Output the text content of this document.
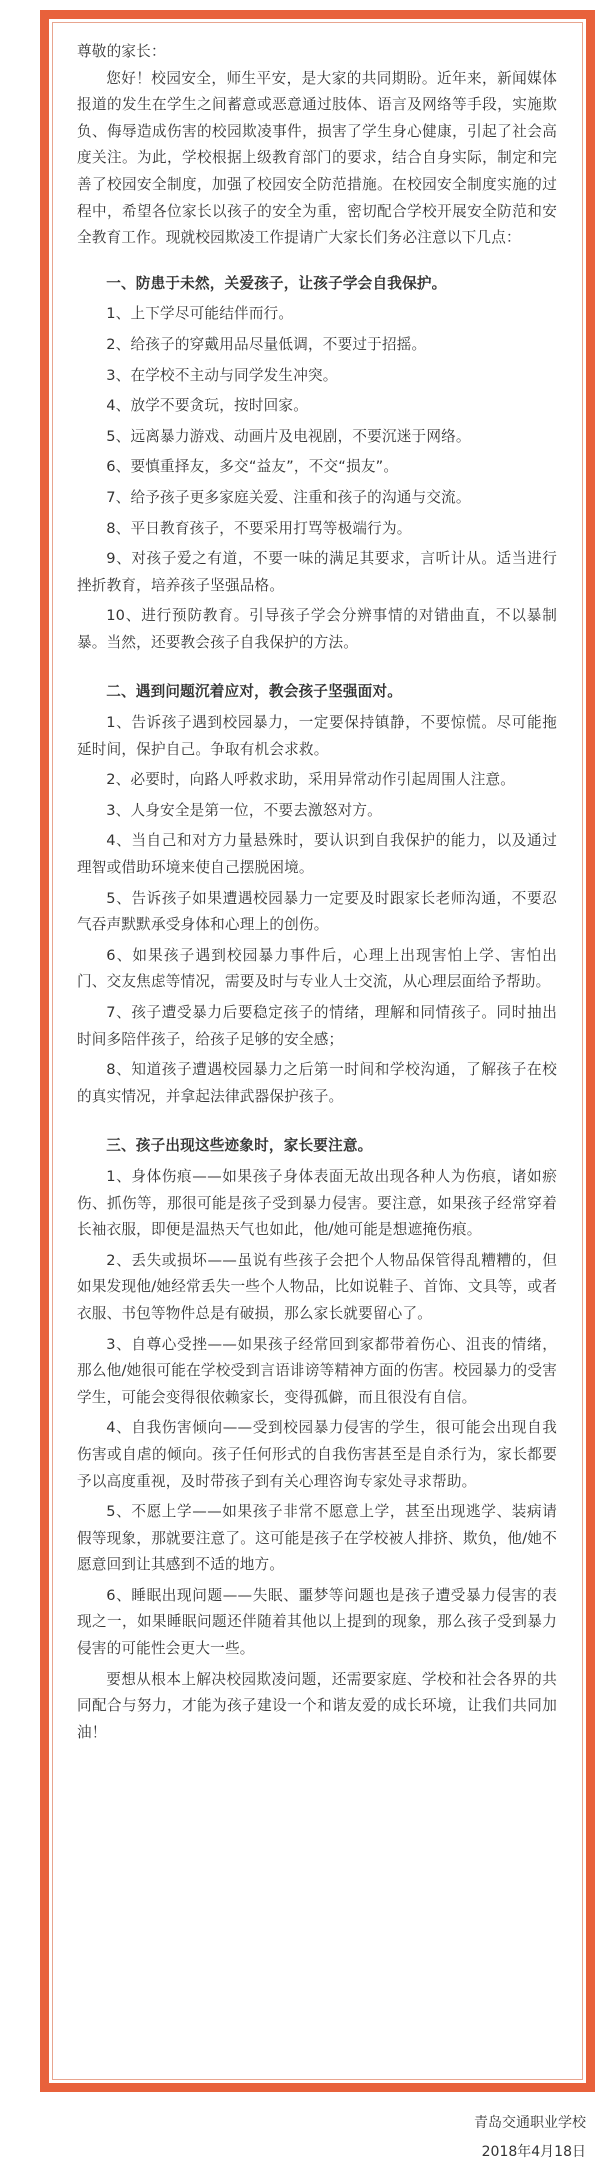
尊敬的家长：

您好！校园安全，师生平安，是大家的共同期盼。近年来，新闻媒体报道的发生在学生之间蓄意或恶意通过肢体、语言及网络等手段，实施欺负、侮辱造成伤害的校园欺凌事件，损害了学生身心健康，引起了社会高度关注。为此，学校根据上级教育部门的要求，结合自身实际，制定和完善了校园安全制度，加强了校园安全防范措施。在校园安全制度实施的过程中，希望各位家长以孩子的安全为重，密切配合学校开展安全防范和安全教育工作。现就校园欺凌工作提请广大家长们务必注意以下几点：

一、防患于未然，关爱孩子，让孩子学会自我保护。

1、上下学尽可能结伴而行。

2、给孩子的穿戴用品尽量低调，不要过于招摇。

3、在学校不主动与同学发生冲突。

4、放学不要贪玩，按时回家。

5、远离暴力游戏、动画片及电视剧，不要沉迷于网络。

6、要慎重择友，多交“益友”，不交“损友”。

7、给予孩子更多家庭关爱、注重和孩子的沟通与交流。

8、平日教育孩子，不要采用打骂等极端行为。

9、对孩子爱之有道，不要一味的满足其要求，言听计从。适当进行挫折教育，培养孩子坚强品格。

10、进行预防教育。引导孩子学会分辨事情的对错曲直，不以暴制暴。当然，还要教会孩子自我保护的方法。

二、遇到问题沉着应对，教会孩子坚强面对。

1、告诉孩子遇到校园暴力，一定要保持镇静，不要惊慌。尽可能拖延时间，保护自己。争取有机会求救。

2、必要时，向路人呼救求助，采用异常动作引起周围人注意。

3、人身安全是第一位，不要去激怒对方。

4、当自己和对方力量悬殊时，要认识到自我保护的能力，以及通过理智或借助环境来使自己摆脱困境。

5、告诉孩子如果遭遇校园暴力一定要及时跟家长老师沟通，不要忍气吞声默默承受身体和心理上的创伤。

6、如果孩子遇到校园暴力事件后，心理上出现害怕上学、害怕出门、交友焦虑等情况，需要及时与专业人士交流，从心理层面给予帮助。

7、孩子遭受暴力后要稳定孩子的情绪，理解和同情孩子。同时抽出时间多陪伴孩子，给孩子足够的安全感；

8、知道孩子遭遇校园暴力之后第一时间和学校沟通，了解孩子在校的真实情况，并拿起法律武器保护孩子。

三、孩子出现这些迹象时，家长要注意。

1、身体伤痕——如果孩子身体表面无故出现各种人为伤痕，诸如瘀伤、抓伤等，那很可能是孩子受到暴力侵害。要注意，如果孩子经常穿着长袖衣服，即便是温热天气也如此，他/她可能是想遮掩伤痕。

2、丢失或损坏——虽说有些孩子会把个人物品保管得乱糟糟的，但如果发现他/她经常丢失一些个人物品，比如说鞋子、首饰、文具等，或者衣服、书包等物件总是有破损，那么家长就要留心了。

3、自尊心受挫——如果孩子经常回到家都带着伤心、沮丧的情绪，那么他/她很可能在学校受到言语诽谤等精神方面的伤害。校园暴力的受害学生，可能会变得很依赖家长，变得孤僻，而且很没有自信。

4、自我伤害倾向——受到校园暴力侵害的学生，很可能会出现自我伤害或自虐的倾向。孩子任何形式的自我伤害甚至是自杀行为，家长都要予以高度重视，及时带孩子到有关心理咨询专家处寻求帮助。

5、不愿上学——如果孩子非常不愿意上学，甚至出现逃学、装病请假等现象，那就要注意了。这可能是孩子在学校被人排挤、欺负，他/她不愿意回到让其感到不适的地方。

6、睡眠出现问题——失眠、噩梦等问题也是孩子遭受暴力侵害的表现之一，如果睡眠问题还伴随着其他以上提到的现象，那么孩子受到暴力侵害的可能性会更大一些。

要想从根本上解决校园欺凌问题，还需要家庭、学校和社会各界的共同配合与努力，才能为孩子建设一个和谐友爱的成长环境，让我们共同加油！

青岛交通职业学校
2018年4月18日
